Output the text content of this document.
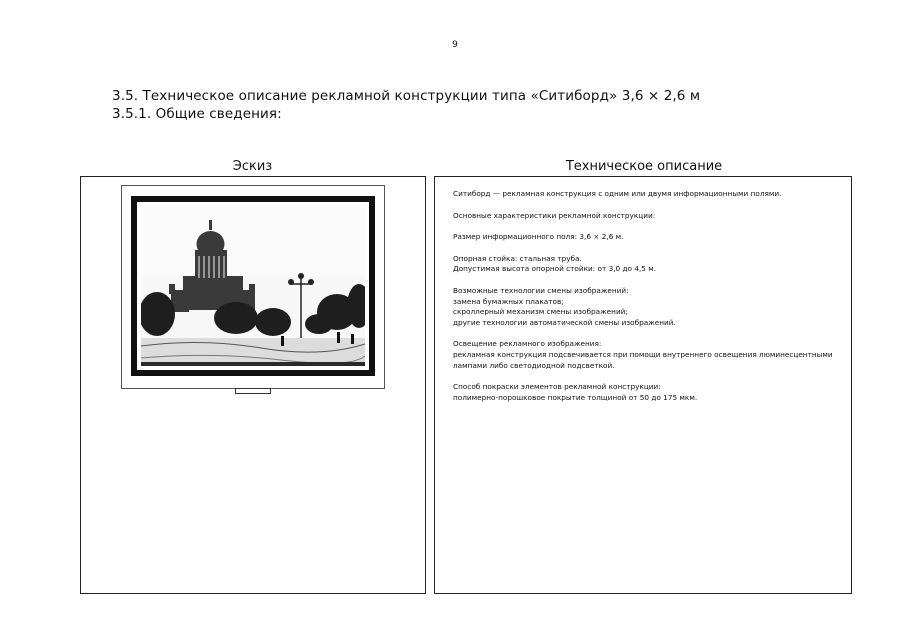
9
3.5. Техническое описание рекламной конструкции типа «Ситиборд» 3,6 × 2,6 м
3.5.1. Общие сведения:
Эскиз	Техническое описание
Ситиборд — рекламная конструкция с одним или двумя информационными полями.
Основные характеристики рекламной конструкции:
Размер информационного поля: 3,6 × 2,6 м.
Опорная стойка: стальная труба.
Допустимая высота опорной стойки: от 3,0 до 4,5 м.
Возможные технологии смены изображений:
замена бумажных плакатов;
скроллерный механизм смены изображений;
другие технологии автоматической смены изображений.
Освещение рекламного изображения:
рекламная конструкция подсвечивается при помощи внутреннего освещения люминесцентными
лампами либо светодиодной подсветкой.
Способ покраски элементов рекламной конструкции:
полимерно-порошковое покрытие толщиной от 50 до 175 мкм.
